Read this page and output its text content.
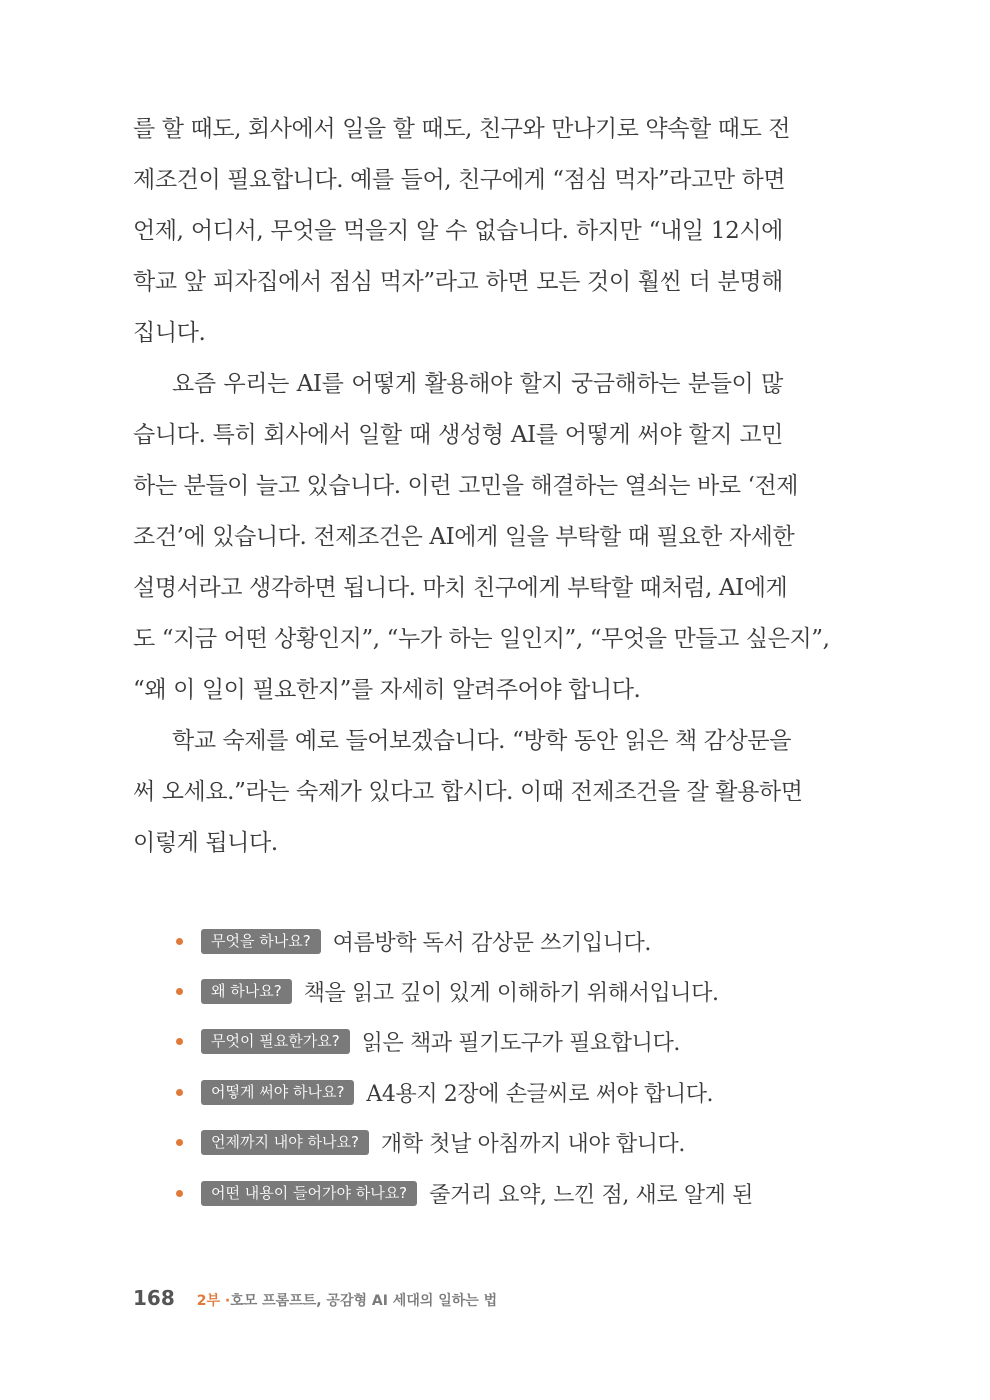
를 할 때도, 회사에서 일을 할 때도, 친구와 만나기로 약속할 때도 전
제조건이 필요합니다. 예를 들어, 친구에게 “점심 먹자”라고만 하면
언제, 어디서, 무엇을 먹을지 알 수 없습니다. 하지만 “내일 12시에
학교 앞 피자집에서 점심 먹자”라고 하면 모든 것이 훨씬 더 분명해
집니다.
요즘 우리는 AI를 어떻게 활용해야 할지 궁금해하는 분들이 많
습니다. 특히 회사에서 일할 때 생성형 AI를 어떻게 써야 할지 고민
하는 분들이 늘고 있습니다. 이런 고민을 해결하는 열쇠는 바로 ‘전제
조건’에 있습니다. 전제조건은 AI에게 일을 부탁할 때 필요한 자세한
설명서라고 생각하면 됩니다. 마치 친구에게 부탁할 때처럼, AI에게
도 “지금 어떤 상황인지”, “누가 하는 일인지”, “무엇을 만들고 싶은지”,
“왜 이 일이 필요한지”를 자세히 알려주어야 합니다.
학교 숙제를 예로 들어보겠습니다. “방학 동안 읽은 책 감상문을
써 오세요.”라는 숙제가 있다고 합시다. 이때 전제조건을 잘 활용하면
이렇게 됩니다.
무엇을 하나요?	여름방학 독서 감상문 쓰기입니다.
왜 하나요?	책을 읽고 깊이 있게 이해하기 위해서입니다.
무엇이 필요한가요?	읽은 책과 필기도구가 필요합니다.
어떻게 써야 하나요?	A4용지 2장에 손글씨로 써야 합니다.
언제까지 내야 하나요?	개학 첫날 아침까지 내야 합니다.
어떤 내용이 들어가야 하나요?	줄거리 요약, 느낀 점, 새로 알게 된
168 2부 · 호모 프롬프트, 공감형 AI 세대의 일하는 법
